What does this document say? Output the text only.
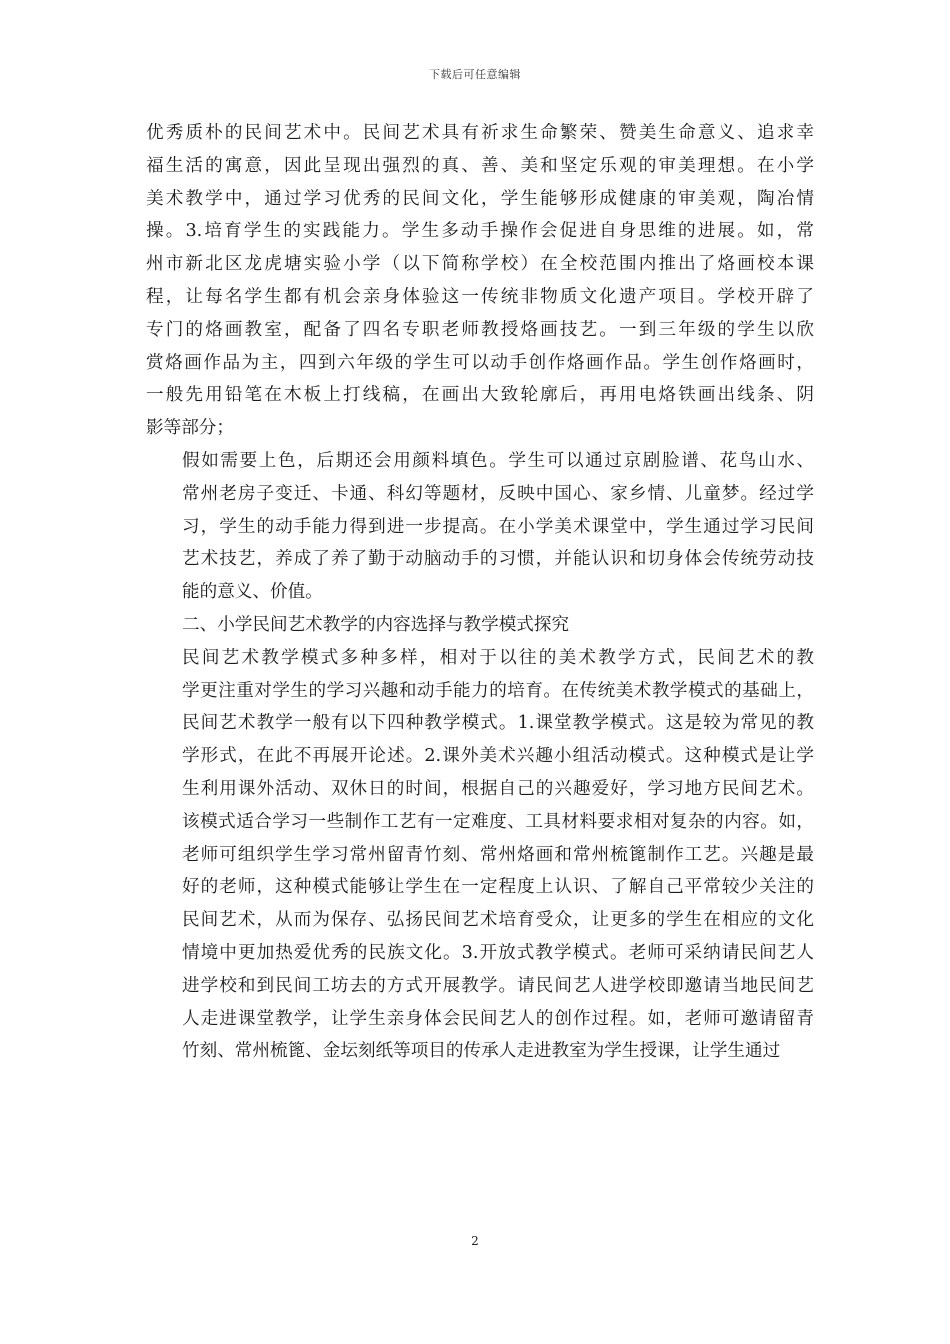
下载后可任意编辑
优秀质朴的民间艺术中。民间艺术具有祈求生命繁荣、赞美生命意义、追求幸
福生活的寓意，因此呈现出强烈的真、善、美和坚定乐观的审美理想。在小学
美术教学中，通过学习优秀的民间文化，学生能够形成健康的审美观，陶冶情
操。3.培育学生的实践能力。学生多动手操作会促进自身思维的进展。如，常
州市新北区龙虎塘实验小学（以下简称学校）在全校范围内推出了烙画校本课
程，让每名学生都有机会亲身体验这一传统非物质文化遗产项目。学校开辟了
专门的烙画教室，配备了四名专职老师教授烙画技艺。一到三年级的学生以欣
赏烙画作品为主，四到六年级的学生可以动手创作烙画作品。学生创作烙画时，
一般先用铅笔在木板上打线稿，在画出大致轮廓后，再用电烙铁画出线条、阴
影等部分；
假如需要上色，后期还会用颜料填色。学生可以通过京剧脸谱、花鸟山水、
常州老房子变迁、卡通、科幻等题材，反映中国心、家乡情、儿童梦。经过学
习，学生的动手能力得到进一步提高。在小学美术课堂中，学生通过学习民间
艺术技艺，养成了养了勤于动脑动手的习惯，并能认识和切身体会传统劳动技
能的意义、价值。
二、小学民间艺术教学的内容选择与教学模式探究
民间艺术教学模式多种多样，相对于以往的美术教学方式，民间艺术的教
学更注重对学生的学习兴趣和动手能力的培育。在传统美术教学模式的基础上，
民间艺术教学一般有以下四种教学模式。1.课堂教学模式。这是较为常见的教
学形式，在此不再展开论述。2.课外美术兴趣小组活动模式。这种模式是让学
生利用课外活动、双休日的时间，根据自己的兴趣爱好，学习地方民间艺术。
该模式适合学习一些制作工艺有一定难度、工具材料要求相对复杂的内容。如，
老师可组织学生学习常州留青竹刻、常州烙画和常州梳篦制作工艺。兴趣是最
好的老师，这种模式能够让学生在一定程度上认识、了解自己平常较少关注的
民间艺术，从而为保存、弘扬民间艺术培育受众，让更多的学生在相应的文化
情境中更加热爱优秀的民族文化。3.开放式教学模式。老师可采纳请民间艺人
进学校和到民间工坊去的方式开展教学。请民间艺人进学校即邀请当地民间艺
人走进课堂教学，让学生亲身体会民间艺人的创作过程。如，老师可邀请留青
竹刻、常州梳篦、金坛刻纸等项目的传承人走进教室为学生授课，让学生通过
2
